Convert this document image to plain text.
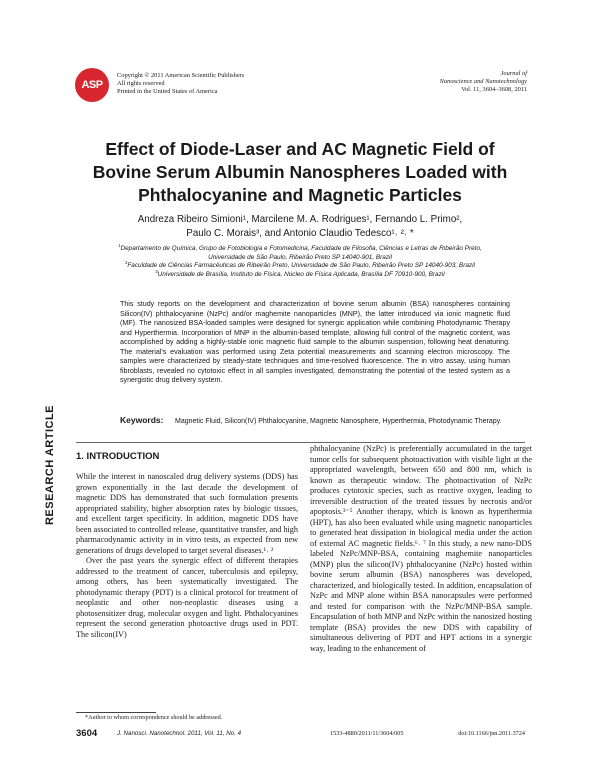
ASP
Copyright © 2011 American Scientific Publishers
All rights reserved
Printed in the United States of America
Journal of
Nanoscience and Nanotechnology
Vol. 11, 3604–3608, 2011
Effect of Diode-Laser and AC Magnetic Field of
Bovine Serum Albumin Nanospheres Loaded with
Phthalocyanine and Magnetic Particles
Andreza Ribeiro Simioni¹, Marcilene M. A. Rodrigues¹, Fernando L. Primo²,
Paulo C. Morais³, and Antonio Claudio Tedesco¹˒ ²˒ *
$^1$Departamento de Química, Grupo de Fotobiologia e Fotomedicina, Faculdade de Filosofia, Ciências e Letras de Ribeirão Preto,
Universidade de São Paulo, Ribeirão Preto SP 14040-901, Brazil
$^2$Faculdade de Ciências Farmacêuticas de Ribeirão Preto, Universidade de São Paulo, Ribeirão Preto SP 14040-903, Brazil
$^3$Universidade de Brasília, Instituto de Física, Núcleo de Física Aplicada, Brasília DF 70910-900, Brazil
This study reports on the development and characterization of bovine serum albumin (BSA) nanospheres containing Silicon(IV) phthalocyanine (NzPc) and/or maghemite nanoparticles (MNP), the latter introduced via ionic magnetic fluid (MF). The nanosized BSA-loaded samples were designed for synergic application while combining Photodynamic Therapy and Hyperthermia. Incorporation of MNP in the albumin-based template, allowing full control of the magnetic content, was accomplished by adding a highly-stable ionic magnetic fluid sample to the albumin suspension, following heat denaturing. The material's evaluation was performed using Zeta potential measurements and scanning electron microscopy. The samples were characterized by steady-state techniques and time-resolved fluorescence. The in vitro assay, using human fibroblasts, revealed no cytotoxic effect in all samples investigated, demonstrating the potential of the tested system as a synergistic drug delivery system.
Keywords: Magnetic Fluid, Silicon(IV) Phthalocyanine, Magnetic Nanosphere, Hyperthermia, Photodynamic Therapy.
RESEARCH ARTICLE 1. INTRODUCTION

While the interest in nanoscaled drug delivery systems (DDS) has grown exponentially in the last decade the development of magnetic DDS has demonstrated that such formulation presents appropriated stability, higher absorption rates by biologic tissues, and excellent target specificity. In addition, magnetic DDS have been associated to controlled release, quantitative transfer, and high pharmacodynamic activity in in vitro tests, as expected from new generations of drugs developed to target several diseases.¹˒ ²

Over the past years the synergic effect of different therapies addressed to the treatment of cancer, tuberculosis and epilepsy, among others, has been systematically investigated. The photodynamic therapy (PDT) is a clinical protocol for treatment of neoplastic and other non-neoplastic diseases using a photosensitizer drug, molecular oxygen and light. Phthalocyanines represent the second generation photoactive drugs used in PDT. The silicon(IV)

phthalocyanine (NzPc) is preferentially accumulated in the target tumor cells for subsequent photoactivation with visible light at the appropriated wavelength, between 650 and 800 nm, which is known as therapeutic window. The photoactivation of NzPc produces cytotoxic species, such as reactive oxygen, leading to irreversible destruction of the treated tissues by necrosis and/or apoptosis.³⁻⁵ Another therapy, which is known as hyperthermia (HPT), has also been evaluated while using magnetic nanoparticles to generated heat dissipation in biological media under the action of external AC magnetic fields.⁶˒ ⁷ In this study, a new nano-DDS labeled NzPc/MNP-BSA, containing maghemite nanoparticles (MNP) plus the silicon(IV) phthalocyanine (NzPc) hosted within bovine serum albumin (BSA) nanospheres was developed, characterized, and biologically tested. In addition, encapsulation of NzPc and MNP alone within BSA nanocapsules were performed and tested for comparison with the NzPc/MNP-BSA sample. Encapsulation of both MNP and NzPc within the nanosized hosting template (BSA) provides the new DDS with capability of simultaneous delivering of PDT and HPT actions in a synergic way, leading to the enhancement of

*Author to whom correspondence should be addressed.
3604	J. Nanosci. Nanotechnol. 2011, Vol. 11, No. 4	1533-4880/2011/11/3604/005	doi:10.1166/jnn.2011.3724
